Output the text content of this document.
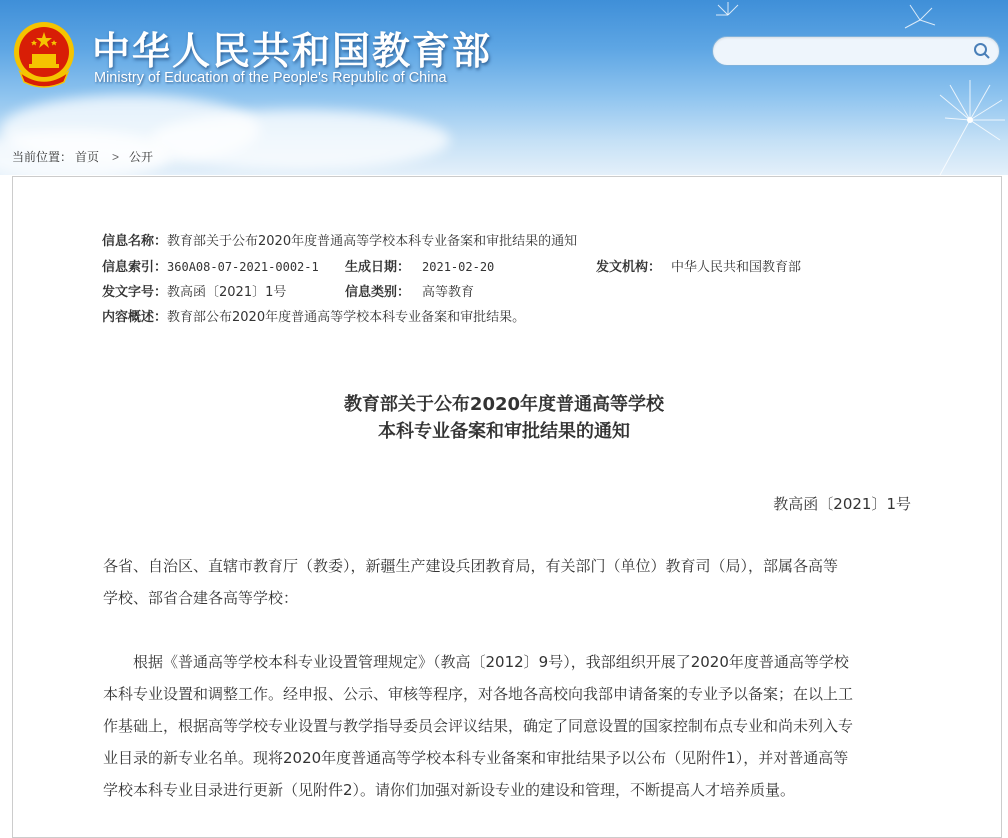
中华人民共和国教育部
Ministry of Education of the People's Republic of China
当前位置： 首页 > 公开
信息名称：教育部关于公布2020年度普通高等学校本科专业备案和审批结果的通知
信息索引：360A08-07-2021-0002-1 生成日期： 2021-02-20	发文机构： 中华人民共和国教育部
发文字号：教高函〔2021〕1号	信息类别： 高等教育
内容概述：教育部公布2020年度普通高等学校本科专业备案和审批结果。
教育部关于公布2020年度普通高等学校
本科专业备案和审批结果的通知
教高函〔2021〕1号
各省、自治区、直辖市教育厅（教委），新疆生产建设兵团教育局，有关部门（单位）教育司（局），部属各高等
学校、部省合建各高等学校：
根据《普通高等学校本科专业设置管理规定》（教高〔2012〕9号），我部组织开展了2020年度普通高等学校
本科专业设置和调整工作。经申报、公示、审核等程序，对各地各高校向我部申请备案的专业予以备案；在以上工
作基础上，根据高等学校专业设置与教学指导委员会评议结果，确定了同意设置的国家控制布点专业和尚未列入专
业目录的新专业名单。现将2020年度普通高等学校本科专业备案和审批结果予以公布（见附件1），并对普通高等
学校本科专业目录进行更新（见附件2）。请你们加强对新设专业的建设和管理，不断提高人才培养质量。
